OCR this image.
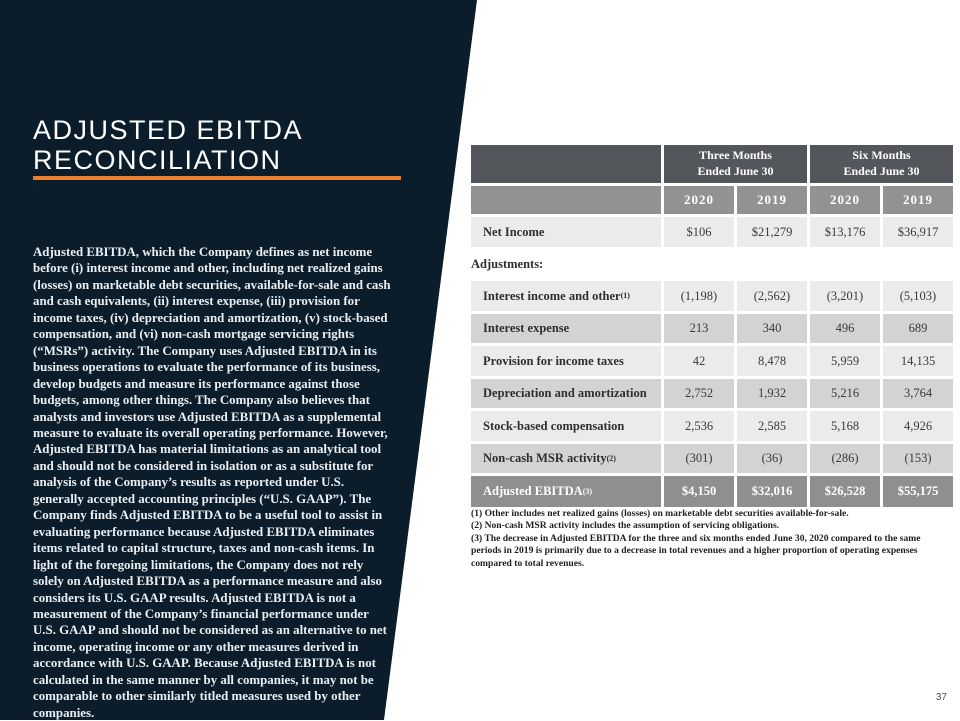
ADJUSTED EBITDA
RECONCILIATION
Adjusted EBITDA, which the Company defines as net income before (i) interest income and other, including net realized gains (losses) on marketable debt securities, available-for-sale and cash and cash equivalents, (ii) interest expense, (iii) provision for income taxes, (iv) depreciation and amortization, (v) stock-based compensation, and (vi) non-cash mortgage servicing rights (“MSRs”) activity. The Company uses Adjusted EBITDA in its business operations to evaluate the performance of its business, develop budgets and measure its performance against those budgets, among other things. The Company also believes that analysts and investors use Adjusted EBITDA as a supplemental measure to evaluate its overall operating performance. However, Adjusted EBITDA has material limitations as an analytical tool and should not be considered in isolation or as a substitute for analysis of the Company’s results as reported under U.S. generally accepted accounting principles (“U.S. GAAP”). The Company finds Adjusted EBITDA to be a useful tool to assist in evaluating performance because Adjusted EBITDA eliminates items related to capital structure, taxes and non-cash items. In light of the foregoing limitations, the Company does not rely solely on Adjusted EBITDA as a performance measure and also considers its U.S. GAAP results. Adjusted EBITDA is not a measurement of the Company’s financial performance under U.S. GAAP and should not be considered as an alternative to net income, operating income or any other measures derived in accordance with U.S. GAAP. Because Adjusted EBITDA is not calculated in the same manner by all companies, it may not be comparable to other similarly titled measures used by other companies.
Three Months
Ended June 30
Six Months
Ended June 30
2020	2019	2020	2019
Net Income	$106	$21,279	$13,176	$36,917
Adjustments:
Interest income and other (1)	(1,198)	(2,562)	(3,201)	(5,103)
Interest expense	213	340	496	689
Provision for income taxes	42	8,478	5,959	14,135
Depreciation and amortization	2,752	1,932	5,216	3,764
Stock-based compensation	2,536	2,585	5,168	4,926
Non-cash MSR activity (2)	(301)	(36)	(286)	(153)
Adjusted EBITDA (3)	$4,150	$32,016	$26,528	$55,175
(1) Other includes net realized gains (losses) on marketable debt securities available-for-sale.
(2) Non-cash MSR activity includes the assumption of servicing obligations.
(3) The decrease in Adjusted EBITDA for the three and six months ended June 30, 2020 compared to the same periods in 2019 is primarily due to a decrease in total revenues and a higher proportion of operating expenses compared to total revenues.
37
